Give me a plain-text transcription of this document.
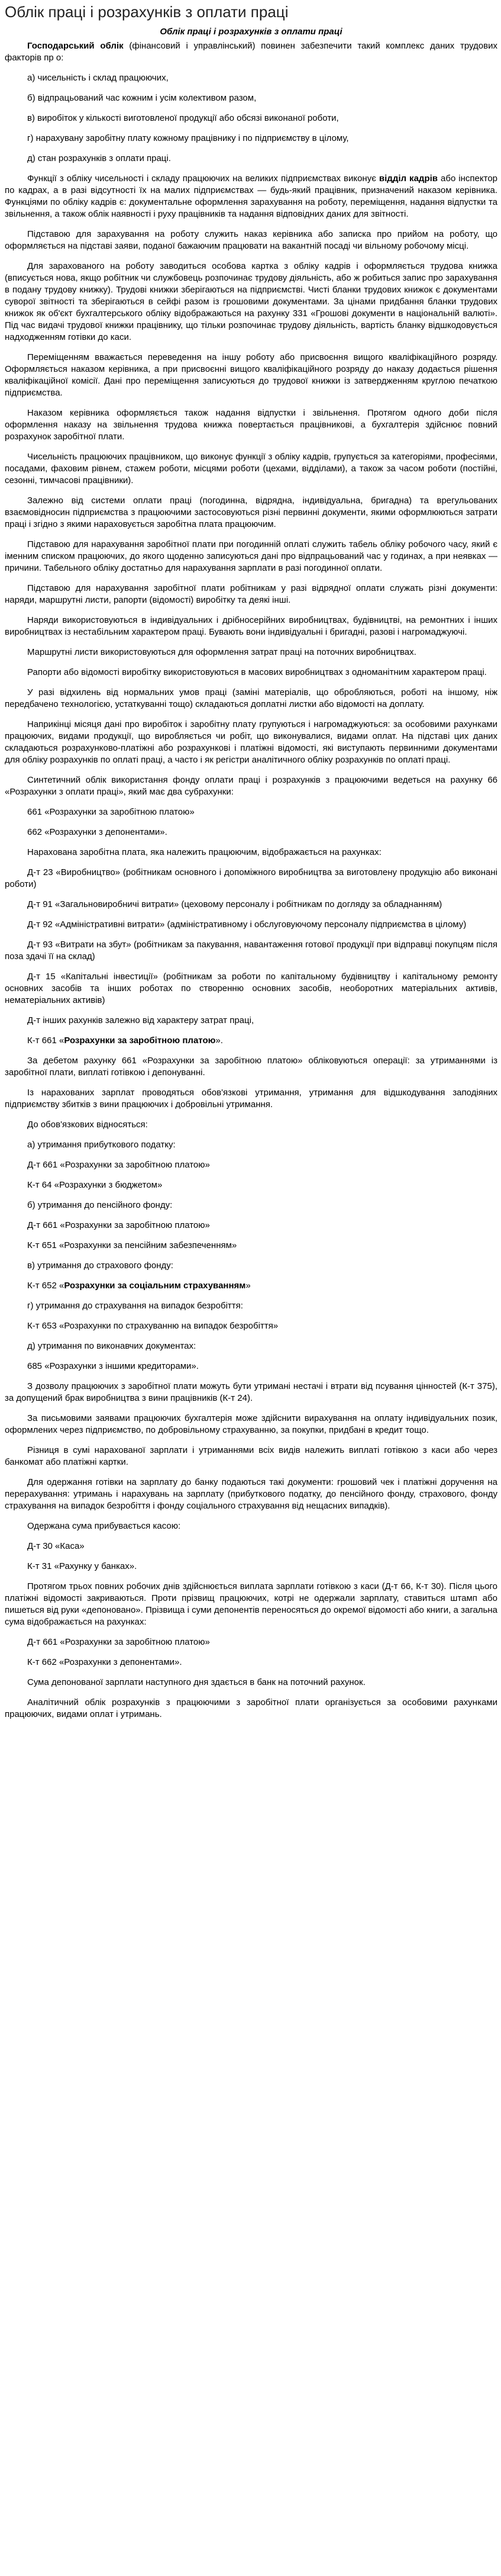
Облік праці і розрахунків з оплати праці
Облік праці і розрахунків з оплати праці

Господарський облік (фінансовий і управлінський) повинен забезпечити такий комплекс даних трудових факторів пр о:

а) чисельність і склад працюючих,

б) відпрацьований час кожним і усім колективом разом,

в) виробіток у кількості виготовленої продукції або обсязі виконаної роботи,

г) нарахувану заробітну плату кожному працівнику і по підприємству в цілому,

д) стан розрахунків з оплати праці.

Функції з обліку чисельності і складу працюючих на великих підприємствах виконує відділ кадрів або інспектор по кадрах, а в разі відсутності їх на малих підприємствах — будь-який працівник, призначений наказом керівника. Функціями по обліку кадрів є: документальне оформлення зарахування на роботу, переміщення, надання відпустки та звільнення, а також облік наявності і руху працівників та надання відповідних даних для звітності.

Підставою для зарахування на роботу служить наказ керівника або записка про прийом на роботу, що оформляється на підставі заяви, поданої бажаючим працювати на вакантній посаді чи вільному робочому місці.

Для зарахованого на роботу заводиться особова картка з обліку кадрів і оформляється трудова книжка (вписується нова, якщо робітник чи службовець розпочинає трудову діяльність, або ж робиться запис про зарахування в подану трудову книжку). Трудові книжки зберігаються на підприємстві. Чисті бланки трудових книжок є документами суворої звітності та зберігаються в сейфі разом із грошовими документами. За цінами придбання бланки трудових книжок як об'єкт бухгалтерського обліку відображаються на рахунку 331 «Грошові документи в національній валюті». Під час видачі трудової книжки працівнику, що тільки розпочинає трудову діяльність, вартість бланку відшкодовується надходженням готівки до каси.

Переміщенням вважається переведення на іншу роботу або присвоєння вищого кваліфікаційного розряду. Оформляється наказом керівника, а при присвоєнні вищого кваліфікаційного розряду до наказу додається рішення кваліфікаційної комісії. Дані про переміщення записуються до трудової книжки із затвердженням круглою печаткою підприємства.

Наказом керівника оформляється також надання відпустки і звільнення. Протягом одного доби після оформлення наказу на звільнення трудова книжка повертається працівникові, а бухгалтерія здійснює повний розрахунок заробітної плати.

Чисельність працюючих працівником, що виконує функції з обліку кадрів, групується за категоріями, професіями, посадами, фаховим рівнем, стажем роботи, місцями роботи (цехами, відділами), а також за часом роботи (постійні, сезонні, тимчасові працівники).

Залежно від системи оплати праці (погодинна, відрядна, індивідуальна, бригадна) та врегульованих взаємовідносин підприємства з працюючими застосовуються різні первинні документи, якими оформлюються затрати праці і згідно з якими нараховується заробітна плата працюючим.

Підставою для нарахування заробітної плати при погодинній оплаті служить табель обліку робочого часу, який є іменним списком працюючих, до якого щоденно записуються дані про відпрацьований час у годинах, а при неявках — причини. Табельного обліку достатньо для нарахування зарплати в разі погодинної оплати.

Підставою для нарахування заробітної плати робітникам у разі відрядної оплати служать різні документи: наряди, маршрутні листи, рапорти (відомості) виробітку та деякі інші.

Наряди використовуються в індивідуальних і дрібносерійних виробництвах, будівництві, на ремонтних і інших виробництвах із нестабільним характером праці. Бувають вони індивідуальні і бригадні, разові і нагромаджуючі.

Маршрутні листи використовуються для оформлення затрат праці на поточних виробництвах.

Рапорти або відомості виробітку використовуються в масових виробництвах з одноманітним характером праці.

У разі відхилень від нормальних умов праці (заміні матеріалів, що обробляються, роботі на іншому, ніж передбачено технологією, устаткуванні тощо) складаються доплатні листки або відомості на доплату.

Наприкінці місяця дані про виробіток і заробітну плату групуються і нагромаджуються: за особовими рахунками працюючих, видами продукції, що виробляється чи робіт, що виконувалися, видами оплат. На підставі цих даних складаються розрахунково-платіжні або розрахункові і платіжні відомості, які виступають первинними документами для обліку розрахунків по оплаті праці, а часто і як регістри аналітичного обліку розрахунків по оплаті праці.

Синтетичний облік використання фонду оплати праці і розрахунків з працюючими ведеться на рахунку 66 «Розрахунки з оплати праці», який має два субрахунки:

661 «Розрахунки за заробітною платою»

662 «Розрахунки з депонентами».

Нарахована заробітна плата, яка належить працюючим, відображається на рахунках:

Д-т 23 «Виробництво» (робітникам основного і допоміжного виробництва за виготовлену продукцію або виконані роботи)

Д-т 91 «Загальновиробничі витрати» (цеховому персоналу і робітникам по догляду за обладнанням)

Д-т 92 «Адміністративні витрати» (адміністративному і обслуговуючому персоналу підприємства в цілому)

Д-т 93 «Витрати на збут» (робітникам за пакування, навантаження готової продукції при відправці покупцям після поза здачі її на склад)

Д-т 15 «Капітальні інвестиції» (робітникам за роботи по капітальному будівництву і капітальному ремонту основних засобів та інших роботах по створенню основних засобів, необоротних матеріальних активів, нематеріальних активів)

Д-т інших рахунків залежно від характеру затрат праці,

К-т 661 «Розрахунки за заробітною платою».

За дебетом рахунку 661 «Розрахунки за заробітною платою» обліковуються операції: за утриманнями із заробітної плати, виплаті готівкою і депонуванні.

Із нарахованих зарплат проводяться обов'язкові утримання, утримання для відшкодування заподіяних підприємству збитків з вини працюючих і добровільні утримання.

До обов'язкових відносяться:

а) утримання прибуткового податку:

Д-т 661 «Розрахунки за заробітною платою»

К-т 64 «Розрахунки з бюджетом»

б) утримання до пенсійного фонду:

Д-т 661 «Розрахунки за заробітною платою»

К-т 651 «Розрахунки за пенсійним забезпеченням»

в) утримання до страхового фонду:

К-т 652 «Розрахунки за соціальним страхуванням»

г) утримання до страхування на випадок безробіття:

К-т 653 «Розрахунки по страхуванню на випадок безробіття»

д) утримання по виконавчих документах:

685 «Розрахунки з іншими кредиторами».

З дозволу працюючих з заробітної плати можуть бути утримані нестачі і втрати від псування цінностей (К-т 375), за допущений брак виробництва з вини працівників (К-т 24).

За письмовими заявами працюючих бухгалтерія може здійснити вирахування на оплату індивідуальних позик, оформлених через підприємство, по добровільному страхуванню, за покупки, придбані в кредит тощо.

Різниця в сумі нарахованої зарплати і утриманнями всіх видів належить виплаті готівкою з каси або через банкомат або платіжні картки.

Для одержання готівки на зарплату до банку подаються такі документи: грошовий чек і платіжні доручення на перерахування: утримань і нарахувань на зарплату (прибуткового податку, до пенсійного фонду, страхового, фонду страхування на випадок безробіття і фонду соціального страхування від нещасних випадків).

Одержана сума прибувається касою:

Д-т 30 «Каса»

К-т 31 «Рахунку у банках».

Протягом трьох повних робочих днів здійснюється виплата зарплати готівкою з каси (Д-т 66, К-т 30). Після цього платіжні відомості закриваються. Проти прізвищ працюючих, котрі не одержали зарплату, ставиться штамп або пишеться від руки «депоновано». Прізвища і суми депонентів переносяться до окремої відомості або книги, а загальна сума відображається на рахунках:

Д-т 661 «Розрахунки за заробітною платою»

К-т 662 «Розрахунки з депонентами».

Сума депонованої зарплати наступного дня здається в банк на поточний рахунок.

Аналітичний облік розрахунків з працюючими з заробітної плати організується за особовими рахунками працюючих, видами оплат і утримань.
